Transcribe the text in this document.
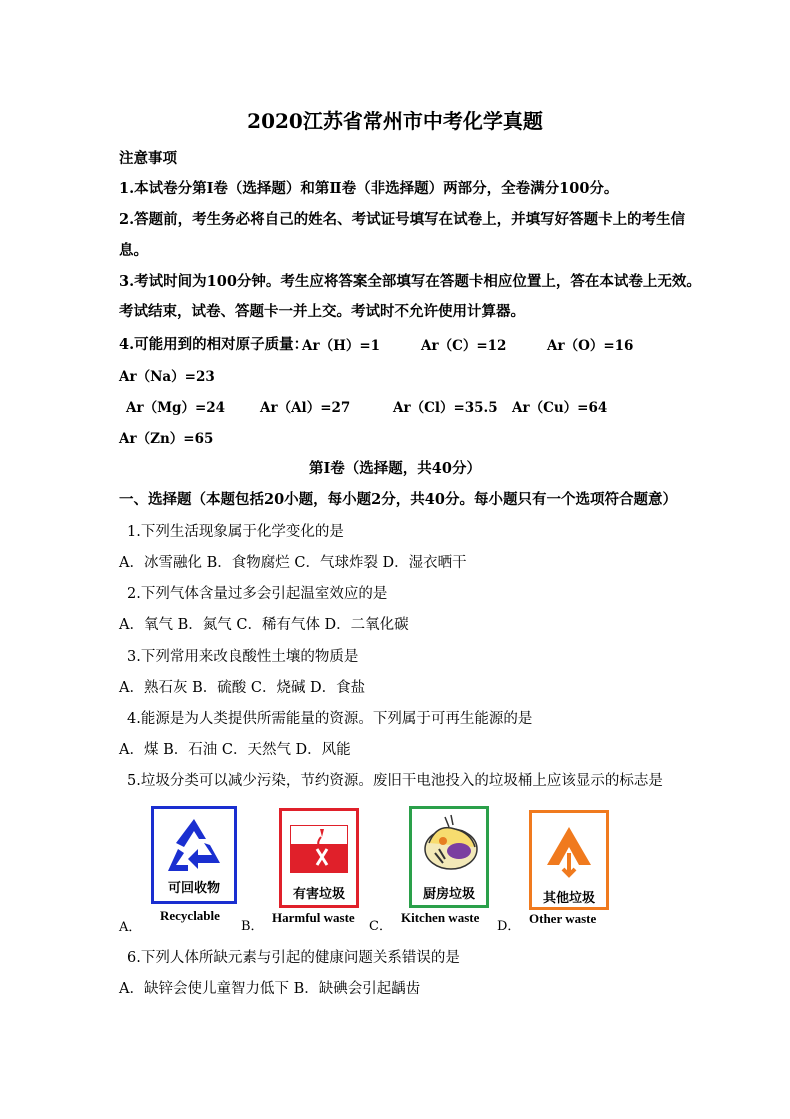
2020江苏省常州市中考化学真题
注意事项
1.本试卷分第Ⅰ卷（选择题）和第Ⅱ卷（非选择题）两部分，全卷满分100分。
2.答题前，考生务必将自己的姓名、考试证号填写在试卷上，并填写好答题卡上的考生信
息。
3.考试时间为100分钟。考生应将答案全部填写在答题卡相应位置上，答在本试卷上无效。
考试结束，试卷、答题卡一并上交。考试时不允许使用计算器。
4.可能用到的相对原子质量：
Ar（H）=1	Ar（C）=12	Ar（O）=16
Ar（Na）=23
Ar（Mg）=24	Ar（Al）=27	Ar（Cl）=35.5 Ar（Cu）=64
Ar（Zn）=65
第Ⅰ卷（选择题，共40分）
一、选择题（本题包括20小题，每小题2分，共40分。每小题只有一个选项符合题意）
1.下列生活现象属于化学变化的是
A．冰雪融化 B．食物腐烂 C．气球炸裂 D．湿衣晒干
2.下列气体含量过多会引起温室效应的是
A．氧气 B．氮气 C．稀有气体 D．二氧化碳
3.下列常用来改良酸性土壤的物质是
A．熟石灰 B．硫酸 C．烧碱 D．食盐
4.能源是为人类提供所需能量的资源。下列属于可再生能源的是
A．煤 B．石油 C．天然气 D．风能
5.垃圾分类可以减少污染，节约资源。废旧干电池投入的垃圾桶上应该显示的标志是
可回收物
Recyclable
A．
有害垃圾
Harmful waste
B．
厨房垃圾
Kitchen waste
C．
其他垃圾
Other waste
D．
6.下列人体所缺元素与引起的健康问题关系错误的是
A．缺锌会使儿童智力低下 B．缺碘会引起龋齿
